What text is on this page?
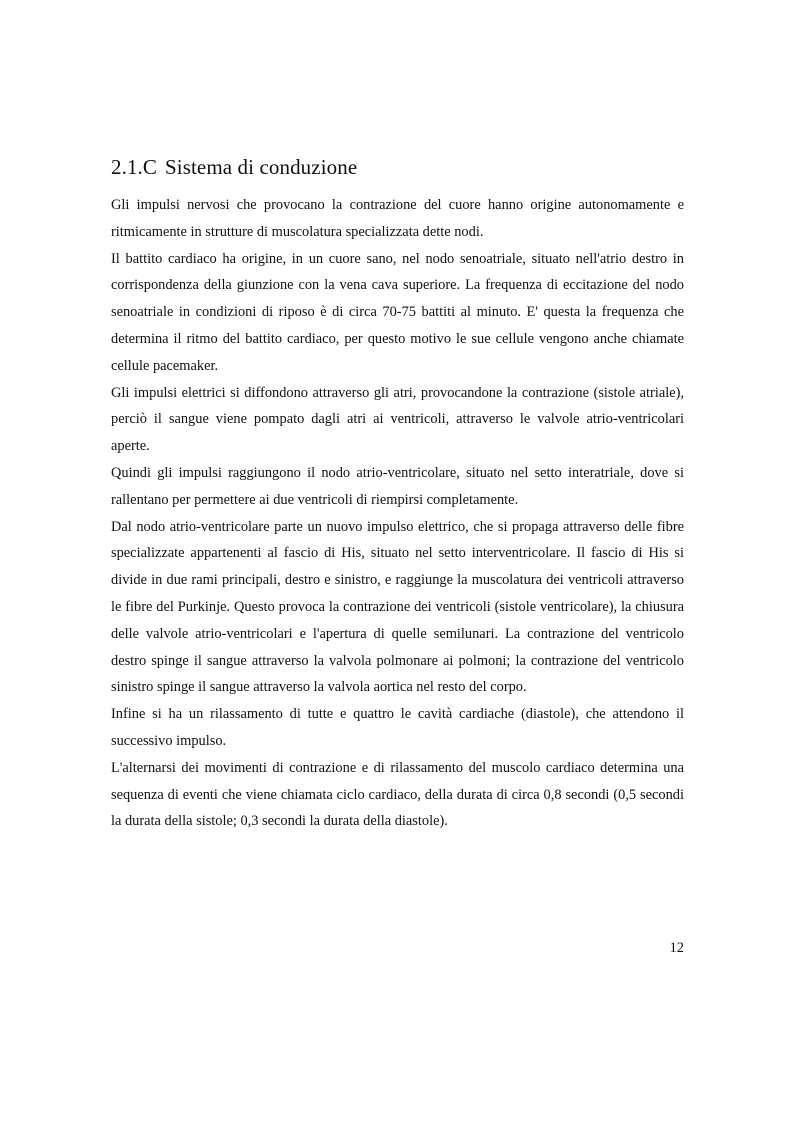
2.1.C Sistema di conduzione

Gli impulsi nervosi che provocano la contrazione del cuore hanno origine autonomamente e ritmicamente in strutture di muscolatura specializzata dette nodi.

Il battito cardiaco ha origine, in un cuore sano, nel nodo senoatriale, situato nell'atrio destro in corrispondenza della giunzione con la vena cava superiore. La frequenza di eccitazione del nodo senoatriale in condizioni di riposo è di circa 70-75 battiti al minuto. E' questa la frequenza che determina il ritmo del battito cardiaco, per questo motivo le sue cellule vengono anche chiamate cellule pacemaker.

Gli impulsi elettrici si diffondono attraverso gli atri, provocandone la contrazione (sistole atriale), perciò il sangue viene pompato dagli atri ai ventricoli, attraverso le valvole atrio-ventricolari aperte.

Quindi gli impulsi raggiungono il nodo atrio-ventricolare, situato nel setto interatriale, dove si rallentano per permettere ai due ventricoli di riempirsi completamente.

Dal nodo atrio-ventricolare parte un nuovo impulso elettrico, che si propaga attraverso delle fibre specializzate appartenenti al fascio di His, situato nel setto interventricolare. Il fascio di His si divide in due rami principali, destro e sinistro, e raggiunge la muscolatura dei ventricoli attraverso le fibre del Purkinje. Questo provoca la contrazione dei ventricoli (sistole ventricolare), la chiusura delle valvole atrio-ventricolari e l'apertura di quelle semilunari. La contrazione del ventricolo destro spinge il sangue attraverso la valvola polmonare ai polmoni; la contrazione del ventricolo sinistro spinge il sangue attraverso la valvola aortica nel resto del corpo.

Infine si ha un rilassamento di tutte e quattro le cavità cardiache (diastole), che attendono il successivo impulso.

L'alternarsi dei movimenti di contrazione e di rilassamento del muscolo cardiaco determina una sequenza di eventi che viene chiamata ciclo cardiaco, della durata di circa 0,8 secondi (0,5 secondi la durata della sistole; 0,3 secondi la durata della diastole).

12
